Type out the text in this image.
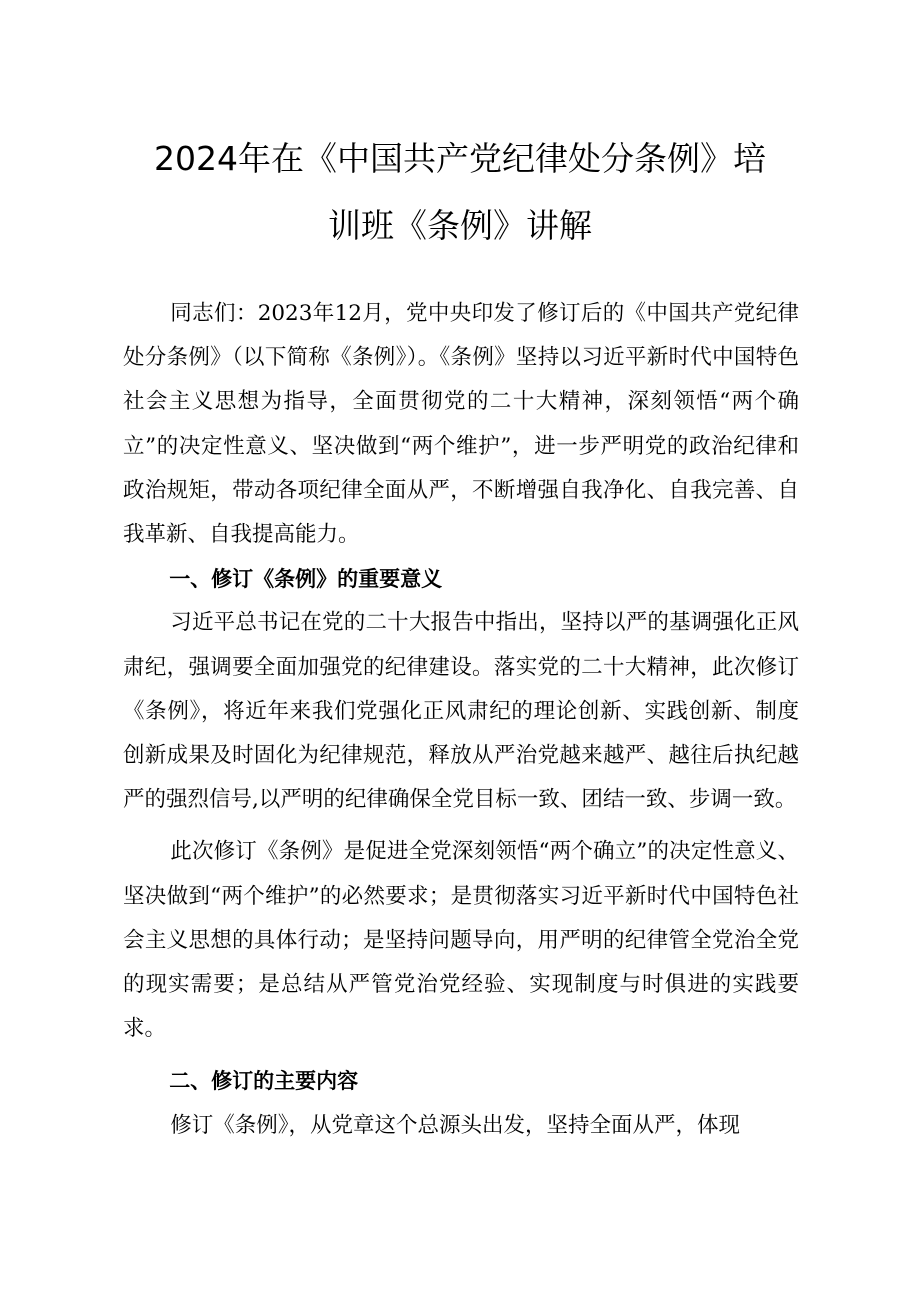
2024年在《中国共产党纪律处分条例》培
训班《条例》讲解

同志们：2023年12月，党中央印发了修订后的《中国共产党纪律处分条例》（以下简称《条例》）。《条例》坚持以习近平新时代中国特色社会主义思想为指导，全面贯彻党的二十大精神，深刻领悟“两个确立”的决定性意义、坚决做到“两个维护”，进一步严明党的政治纪律和政治规矩，带动各项纪律全面从严，不断增强自我净化、自我完善、自我革新、自我提高能力。

一、修订《条例》的重要意义

习近平总书记在党的二十大报告中指出，坚持以严的基调强化正风肃纪，强调要全面加强党的纪律建设。落实党的二十大精神，此次修订《条例》，将近年来我们党强化正风肃纪的理论创新、实践创新、制度创新成果及时固化为纪律规范，释放从严治党越来越严、越往后执纪越严的强烈信号,以严明的纪律确保全党目标一致、团结一致、步调一致。

此次修订《条例》是促进全党深刻领悟“两个确立”的决定性意义、坚决做到“两个维护”的必然要求；是贯彻落实习近平新时代中国特色社会主义思想的具体行动；是坚持问题导向，用严明的纪律管全党治全党的现实需要；是总结从严管党治党经验、实现制度与时俱进的实践要求。

二、修订的主要内容

修订《条例》，从党章这个总源头出发，坚持全面从严，体现
